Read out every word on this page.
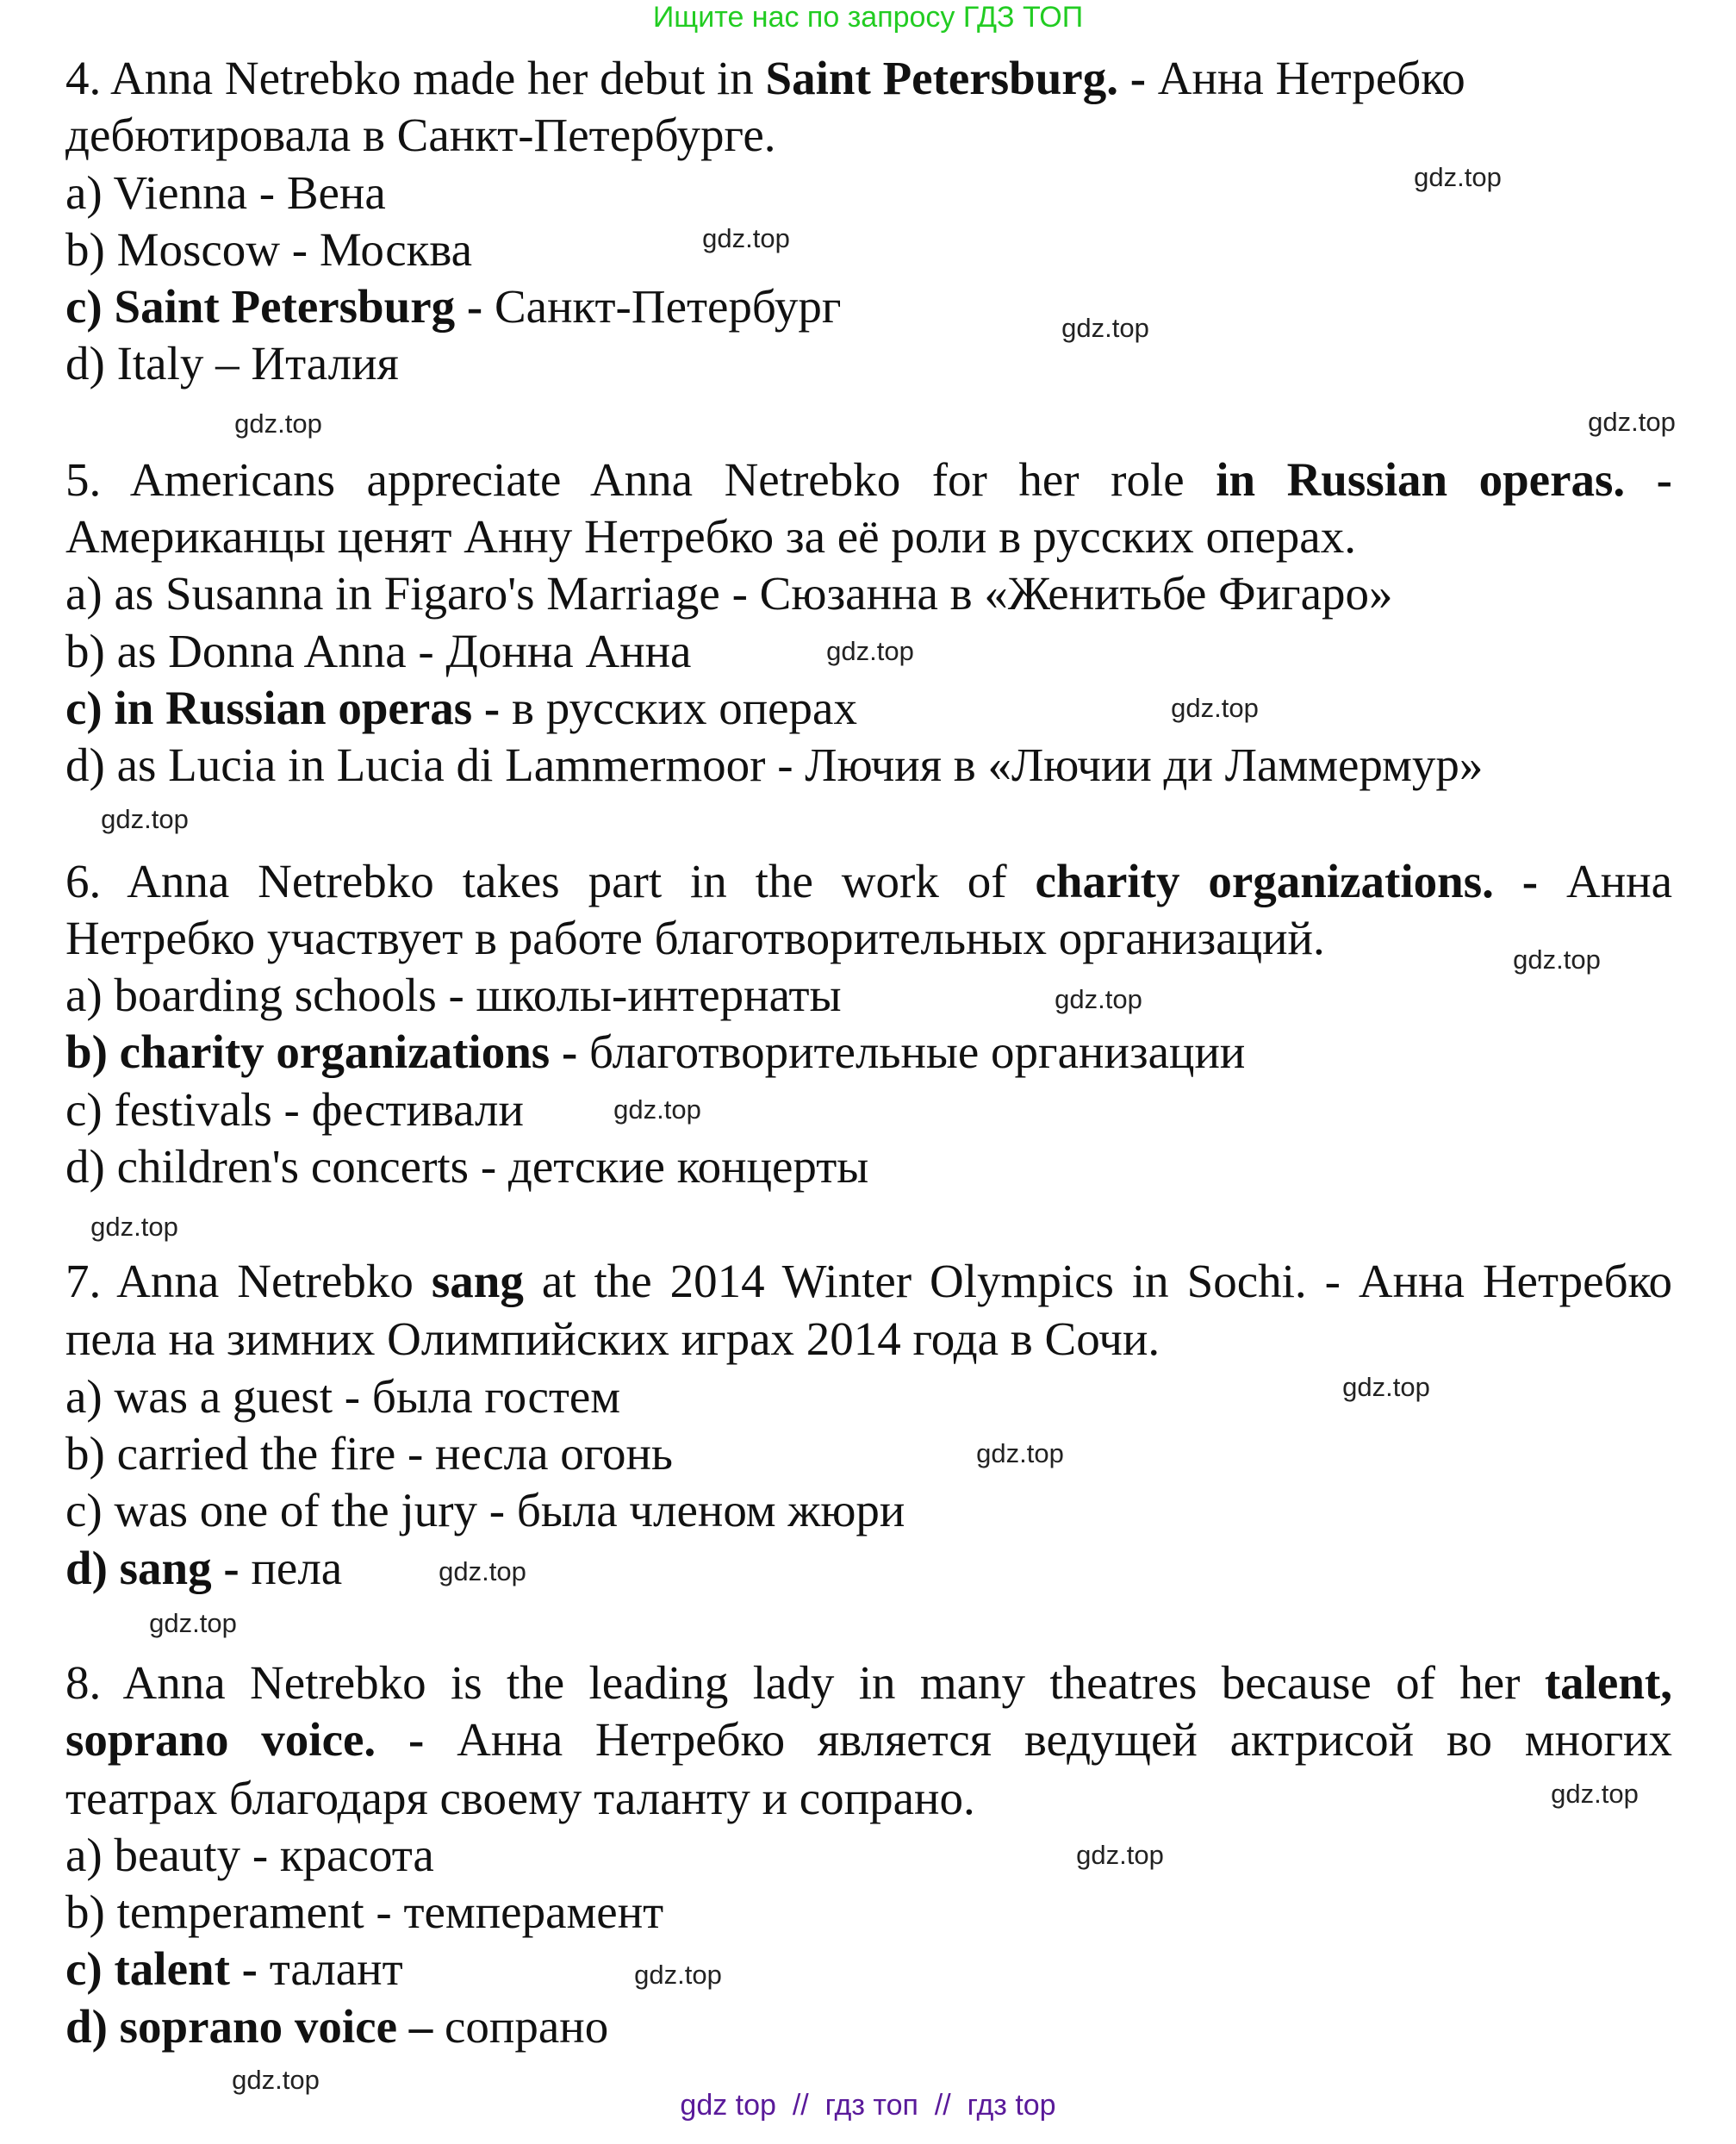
Ищите нас по запросу ГДЗ ТОП
4. Anna Netrebko made her debut in Saint Petersburg. - Анна Нетребко
дебютировала в Санкт-Петербурге.
a) Vienna - Вена
b) Moscow - Москва
c) Saint Petersburg - Санкт-Петербург
d) Italy – Италия
5. Americans appreciate Anna Netrebko for her role in Russian operas. -
Американцы ценят Анну Нетребко за её роли в русских операх.
a) as Susanna in Figaro's Marriage - Сюзанна в «Женитьбе Фигаро»
b) as Donna Anna - Донна Анна
c) in Russian operas - в русских операх
d) as Lucia in Lucia di Lammermoor - Лючия в «Лючии ди Ламмермур»
6. Anna Netrebko takes part in the work of charity organizations. - Анна
Нетребко участвует в работе благотворительных организаций.
a) boarding schools - школы-интернаты
b) charity organizations - благотворительные организации
c) festivals - фестивали
d) children's concerts - детские концерты
7. Anna Netrebko sang at the 2014 Winter Olympics in Sochi. - Анна Нетребко
пела на зимних Олимпийских играх 2014 года в Сочи.
a) was a guest - была гостем
b) carried the fire - несла огонь
c) was one of the jury - была членом жюри
d) sang - пела
8. Anna Netrebko is the leading lady in many theatres because of her talent,
soprano voice. - Анна Нетребко является ведущей актрисой во многих
театрах благодаря своему таланту и сопрано.
a) beauty - красота
b) temperament - темперамент
c) talent - талант
d) soprano voice – сопрано
gdz.top
gdz.top
gdz.top
gdz.top	gdz.top
gdz.top
gdz.top
gdz.top
gdz.top
gdz.top
gdz.top
gdz.top
gdz.top
gdz.top
gdz.top
gdz.top
gdz.top
gdz.top
gdz.top
gdz.top
gdz top  //  гдз топ  //  гдз top
